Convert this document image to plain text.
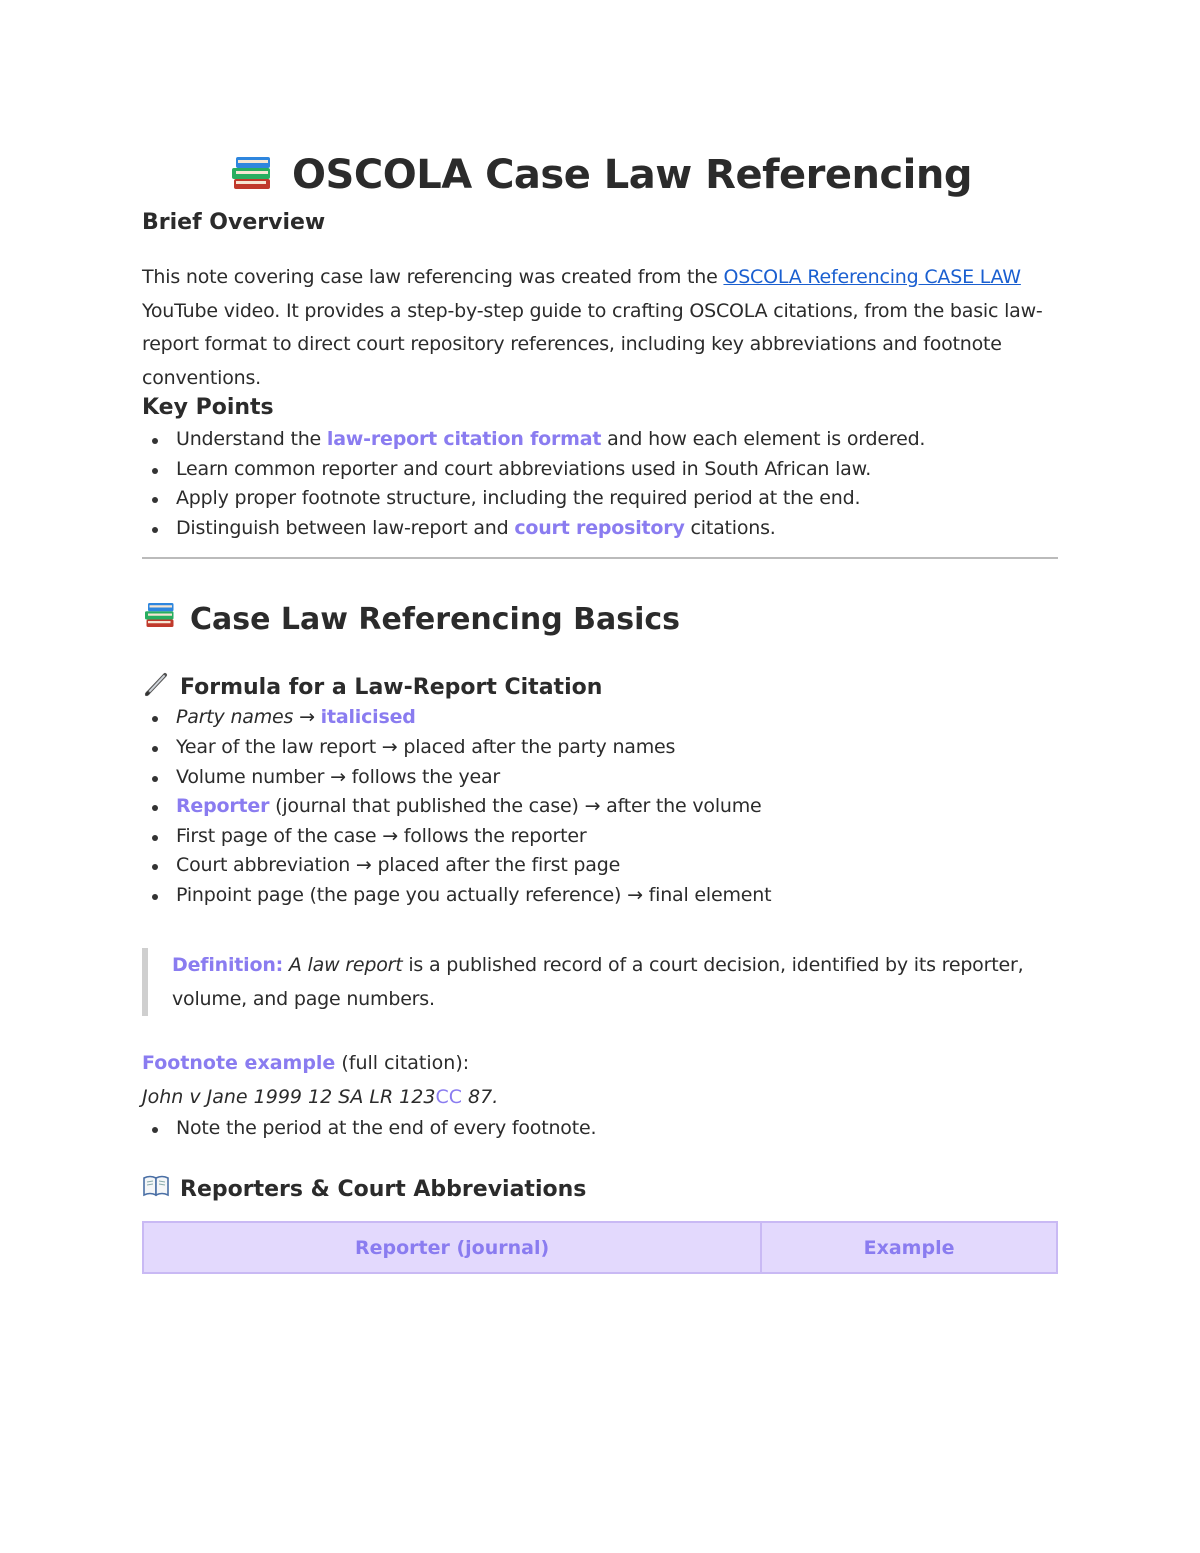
OSCOLA Case Law Referencing
Brief Overview

This note covering case law referencing was created from the OSCOLA Referencing CASE LAW YouTube video. It provides a step-by-step guide to crafting OSCOLA citations, from the basic law-report format to direct court repository references, including key abbreviations and footnote conventions.

Key Points
Understand the law-report citation format and how each element is ordered.
Learn common reporter and court abbreviations used in South African law.
Apply proper footnote structure, including the required period at the end.
Distinguish between law-report and court repository citations.
Case Law Referencing Basics
Formula for a Law-Report Citation
Party names → italicised
Year of the law report → placed after the party names
Volume number → follows the year
Reporter (journal that published the case) → after the volume
First page of the case → follows the reporter
Court abbreviation → placed after the first page
Pinpoint page (the page you actually reference) → final element
Definition: A law report is a published record of a court decision, identified by its reporter, volume, and page numbers.
Footnote example (full citation):
John v Jane 1999 12 SA LR 123CC 87.
Note the period at the end of every footnote.
Reporters & Court Abbreviations
Reporter (journal)	Example
